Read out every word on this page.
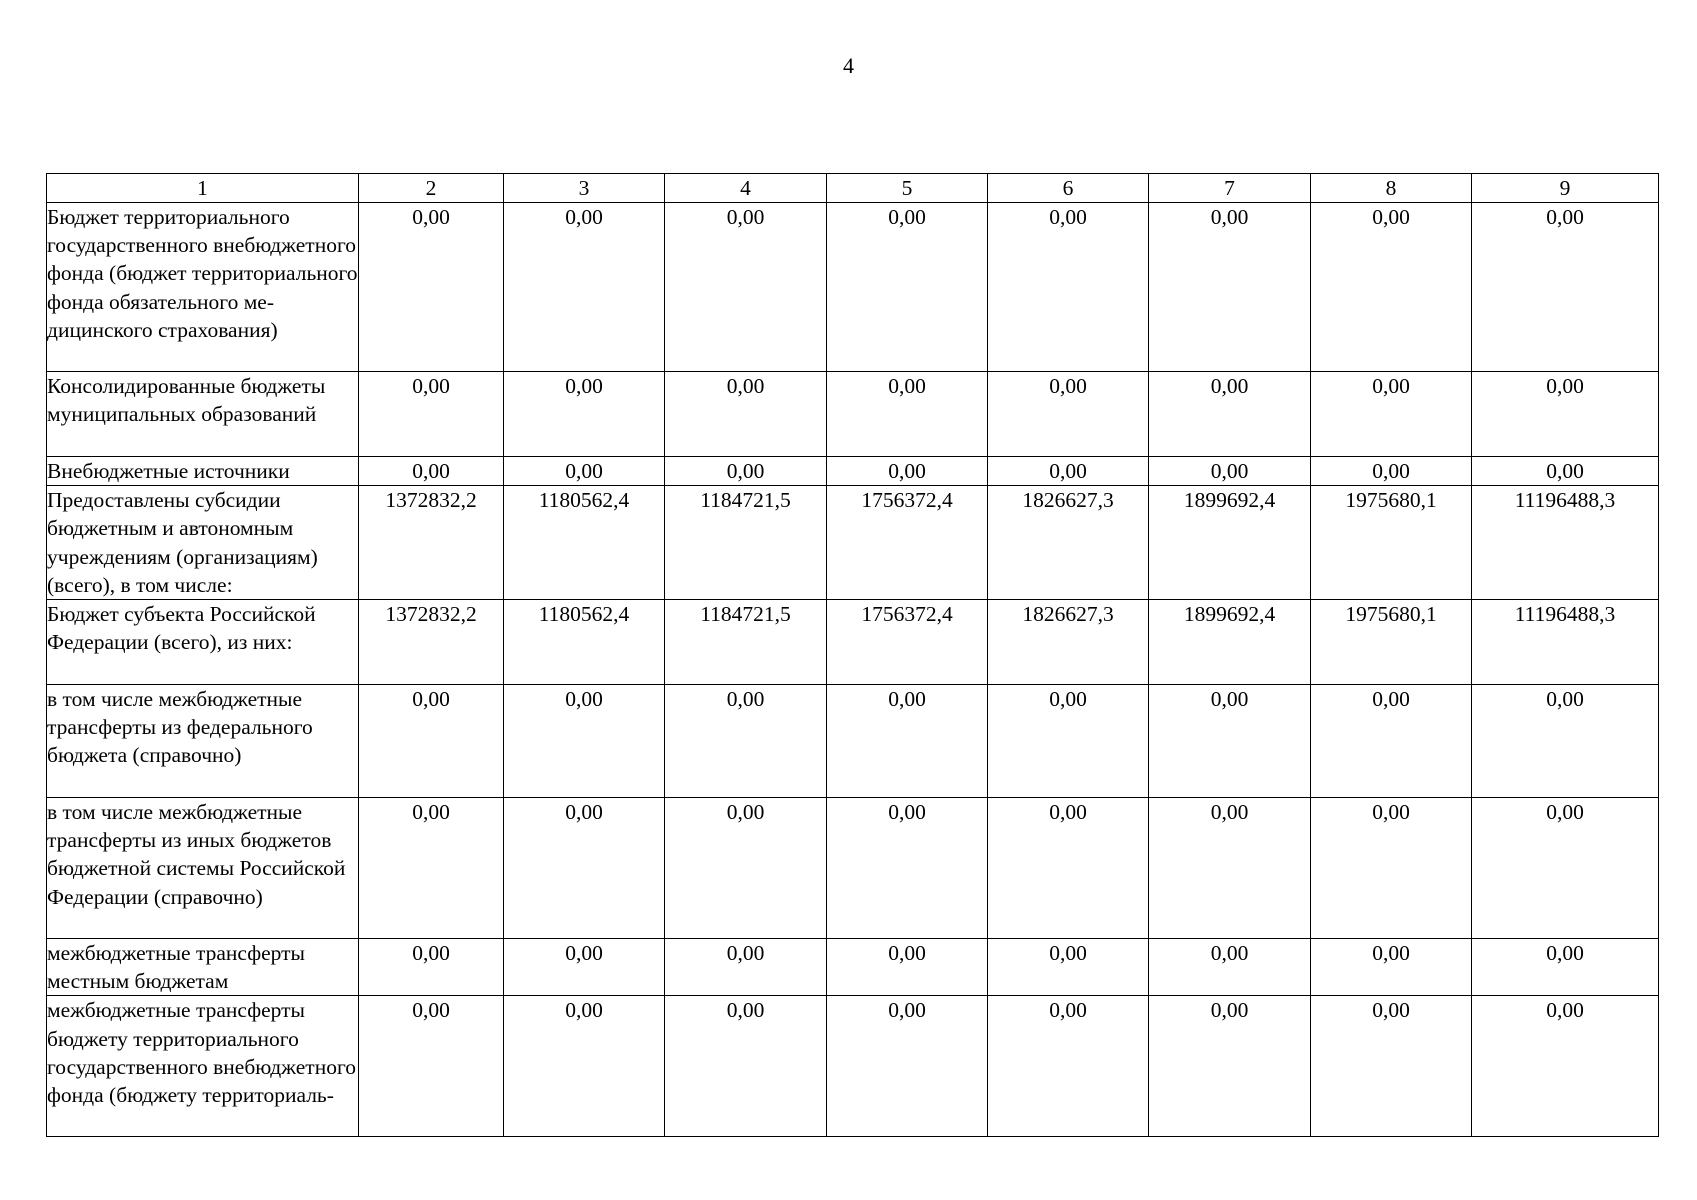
4
1	2	3	4	5	6	7	8	9
Бюджет территориального государственного внебюджетного фонда (бюджет территориального фонда обязательного медицинского страхования)	0,00	0,00	0,00	0,00	0,00	0,00	0,00	0,00
Консолидированные бюджеты муниципальных образований	0,00	0,00	0,00	0,00	0,00	0,00	0,00	0,00
Внебюджетные источники	0,00	0,00	0,00	0,00	0,00	0,00	0,00	0,00
Предоставлены субсидии бюджетным и автономным учреждениям (организациям) (всего), в том числе:	1372832,2	1180562,4	1184721,5	1756372,4	1826627,3	1899692,4	1975680,1	11196488,3
Бюджет субъекта Российской Федерации (всего), из них:	1372832,2	1180562,4	1184721,5	1756372,4	1826627,3	1899692,4	1975680,1	11196488,3
в том числе межбюджетные трансферты из федерального бюджета (справочно)	0,00	0,00	0,00	0,00	0,00	0,00	0,00	0,00
в том числе межбюджетные трансферты из иных бюджетов бюджетной системы Российской Федерации (справочно)	0,00	0,00	0,00	0,00	0,00	0,00	0,00	0,00
межбюджетные трансферты местным бюджетам	0,00	0,00	0,00	0,00	0,00	0,00	0,00	0,00
межбюджетные трансферты бюджету территориального государственного внебюджетного фонда (бюджету территориаль-	0,00	0,00	0,00	0,00	0,00	0,00	0,00	0,00
